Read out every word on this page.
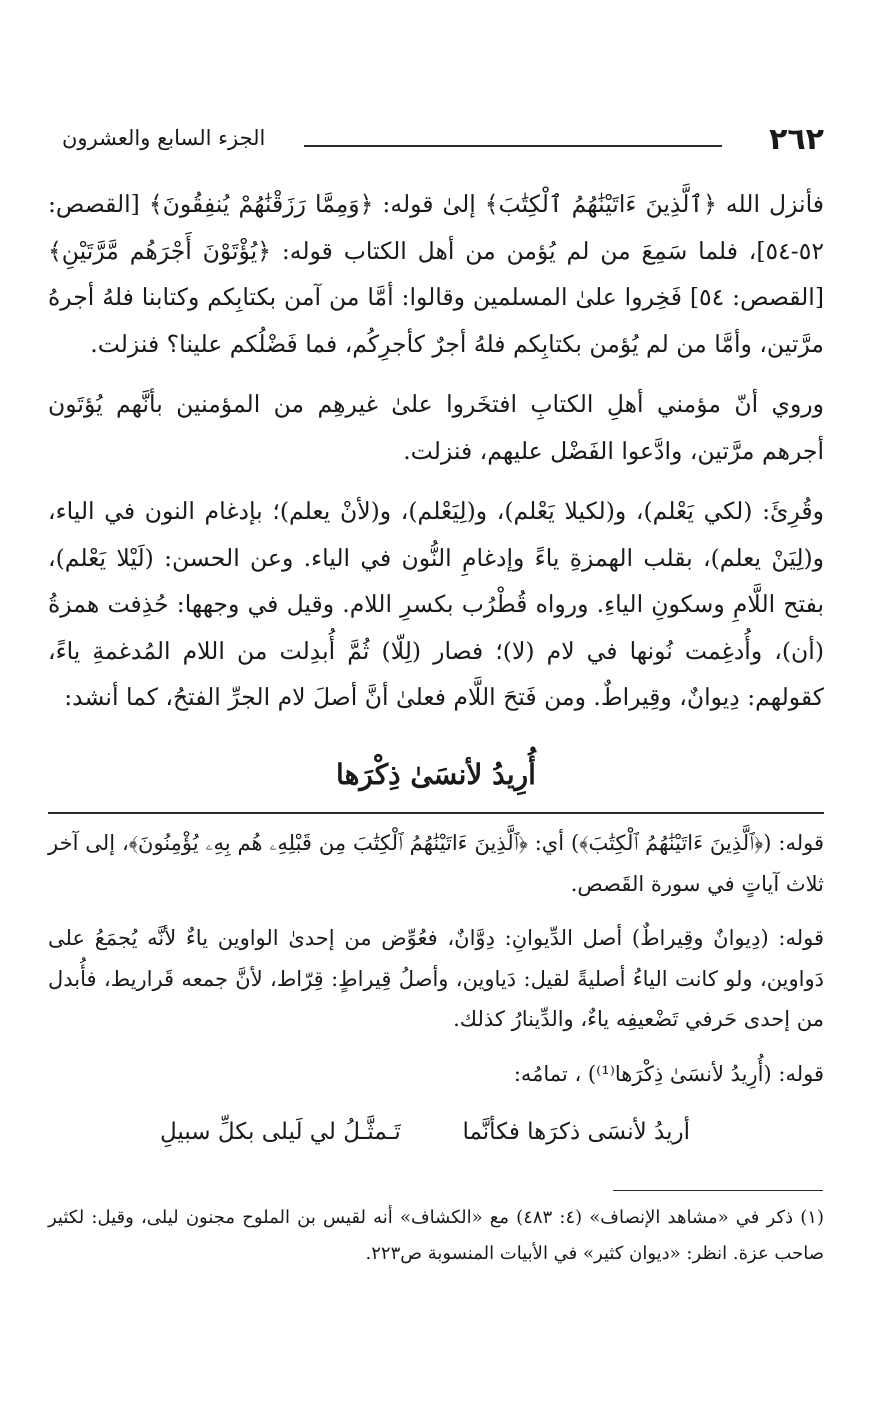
٢٦٢
الجزء السابع والعشرون

فأنزل الله ﴿ٱلَّذِينَ ءَاتَيْنَٰهُمُ ٱلْكِتَٰبَ﴾ إلىٰ قوله: ﴿وَمِمَّا رَزَقْنَٰهُمْ يُنفِقُونَ﴾ [القصص: ٥٢-٥٤]، فلما سَمِعَ من لم يُؤمن من أهل الكتاب قوله: ﴿يُؤْتَوْنَ أَجْرَهُم مَّرَّتَيْنِ﴾ [القصص: ٥٤] فَخِروا علىٰ المسلمين وقالوا: أمَّا من آمن بكتابِكم وكتابنا فلهُ أجرهُ مرَّتين، وأمَّا من لم يُؤمن بكتابِكم فلهُ أجرٌ كأجرِكُم، فما فَضْلُكم علينا؟ فنزلت.

وروي أنّ مؤمني أهلِ الكتابِ افتخَروا علىٰ غيرهِم من المؤمنين بأنَّهم يُؤتَون أجرهم مرَّتين، وادَّعوا الفَضْل عليهم، فنزلت.

وقُرِئَ: (لكي يَعْلم)، و(لكيلا يَعْلم)، و(لِيَعْلم)، و(لأنْ يعلم)؛ بإدغام النون في الياء، و(لِيَنْ يعلم)، بقلب الهمزةِ ياءً وإدغامِ النُّون في الياء. وعن الحسن: (لَيْلا يَعْلم)، بفتح اللَّامِ وسكونِ الياءِ. ورواه قُطْرُب بكسرِ اللام. وقيل في وجهها: حُذِفت همزةُ (أن)، وأُدغِمت نُونها في لام (لا)؛ فصار (لِلّا) ثُمَّ أُبدِلت من اللام المُدغمةِ ياءً، كقولهم: دِيوانٌ، وقِيراطٌ. ومن فَتحَ اللَّام فعلىٰ أنَّ أصلَ لام الجرِّ الفتحُ، كما أنشد:

أُرِيدُ لأنسَىٰ ذِكْرَها

قوله: (﴿ٱلَّذِينَ ءَاتَيْنَٰهُمُ ٱلْكِتَٰبَ﴾) أي: ﴿ٱلَّذِينَ ءَاتَيْنَٰهُمُ ٱلْكِتَٰبَ مِن قَبْلِهِۦ هُم بِهِۦ يُؤْمِنُونَ﴾، إلى آخر ثلاث آياتٍ في سورة القَصص.

قوله: (دِيوانٌ وقِيراطٌ) أصل الدِّيوانِ: دِوَّانٌ، فعُوِّض من إحدىٰ الواوين ياءٌ لأنَّه يُجمَعُ على دَواوين، ولو كانت الياءُ أصليةً لقيل: دَياوين، وأصلُ قِيراطٍ: قِرّاط، لأنَّ جمعه قَراريط، فأُبدل من إحدى حَرفي تَضْعيفِه ياءٌ، والدِّينارُ كذلك.

قوله: (أُرِيدُ لأنسَىٰ ذِكْرَها⁽¹⁾) ، تمامُه:

أريدُ لأنسَى ذكرَها فكأنَّما
تَـمثَّـلُ لي لَيلى بكلِّ سبيلِ

(١) ذكر في «مشاهد الإنصاف» (٤: ٤٨٣) مع «الكشاف» أنه لقيس بن الملوح مجنون ليلى، وقيل: لكثير صاحب عزة. انظر: «ديوان كثير» في الأبيات المنسوبة ص٢٢٣.
